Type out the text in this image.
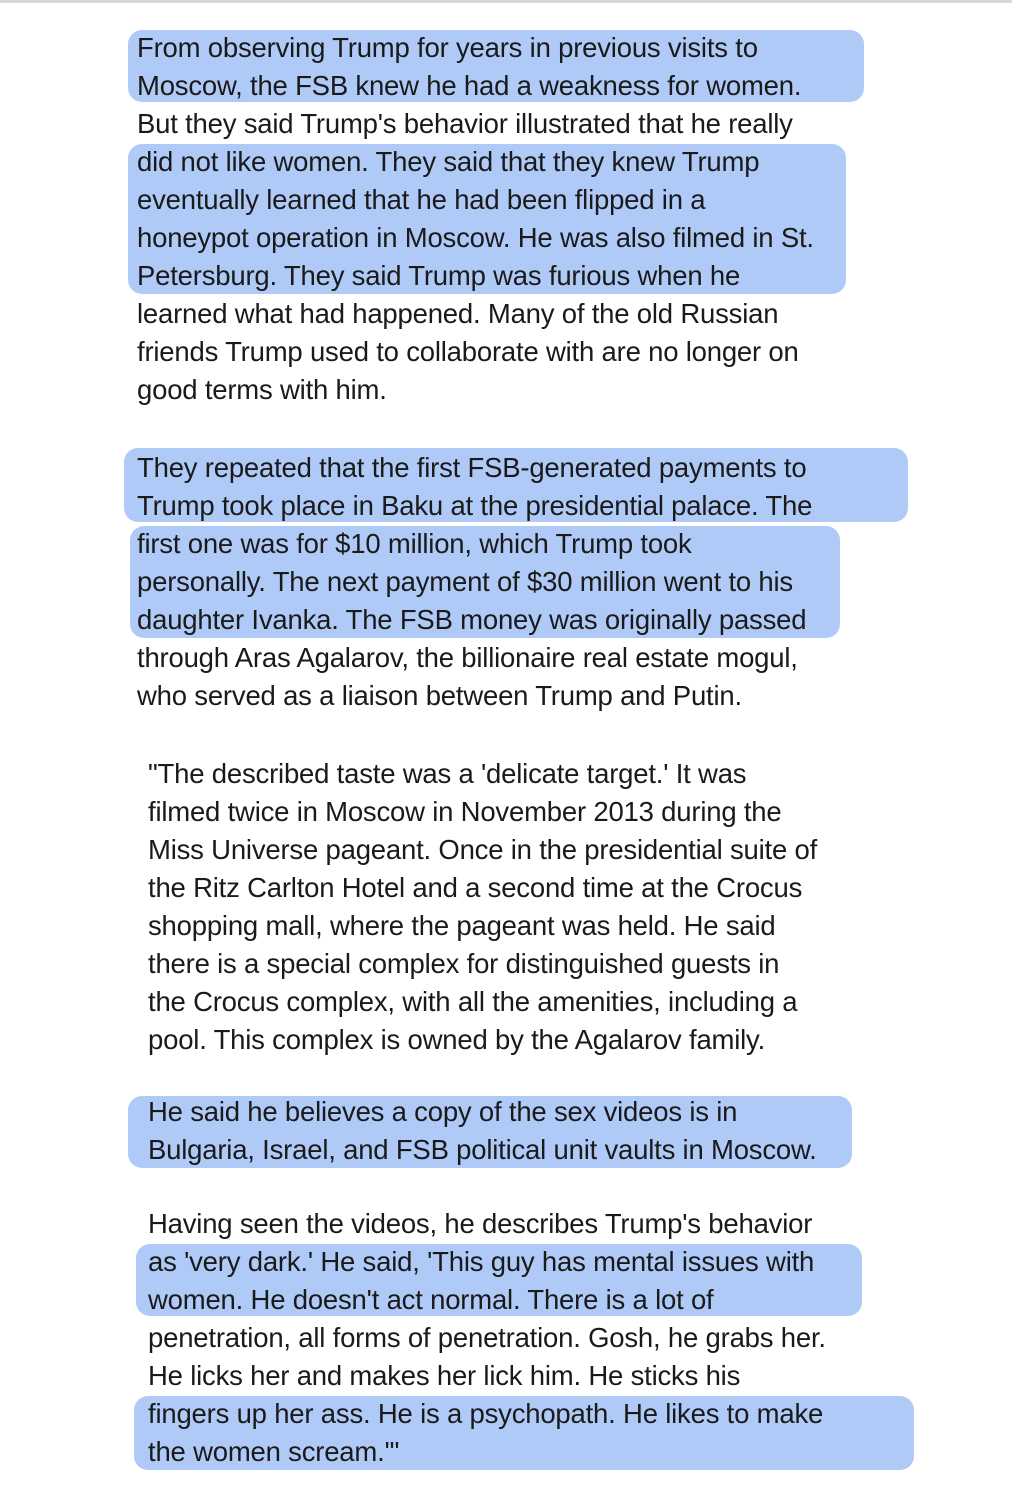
From observing Trump for years in previous visits to
Moscow, the FSB knew he had a weakness for women.
But they said Trump's behavior illustrated that he really
did not like women. They said that they knew Trump
eventually learned that he had been flipped in a
honeypot operation in Moscow. He was also filmed in St.
Petersburg. They said Trump was furious when he
learned what had happened. Many of the old Russian
friends Trump used to collaborate with are no longer on
good terms with him.
They repeated that the first FSB-generated payments to
Trump took place in Baku at the presidential palace. The
first one was for $10 million, which Trump took
personally. The next payment of $30 million went to his
daughter Ivanka. The FSB money was originally passed
through Aras Agalarov, the billionaire real estate mogul,
who served as a liaison between Trump and Putin.
"The described taste was a 'delicate target.' It was
filmed twice in Moscow in November 2013 during the
Miss Universe pageant. Once in the presidential suite of
the Ritz Carlton Hotel and a second time at the Crocus
shopping mall, where the pageant was held. He said
there is a special complex for distinguished guests in
the Crocus complex, with all the amenities, including a
pool. This complex is owned by the Agalarov family.
He said he believes a copy of the sex videos is in
Bulgaria, Israel, and FSB political unit vaults in Moscow.
Having seen the videos, he describes Trump's behavior
as 'very dark.' He said, 'This guy has mental issues with
women. He doesn't act normal. There is a lot of
penetration, all forms of penetration. Gosh, he grabs her.
He licks her and makes her lick him. He sticks his
fingers up her ass. He is a psychopath. He likes to make
the women scream.'"
